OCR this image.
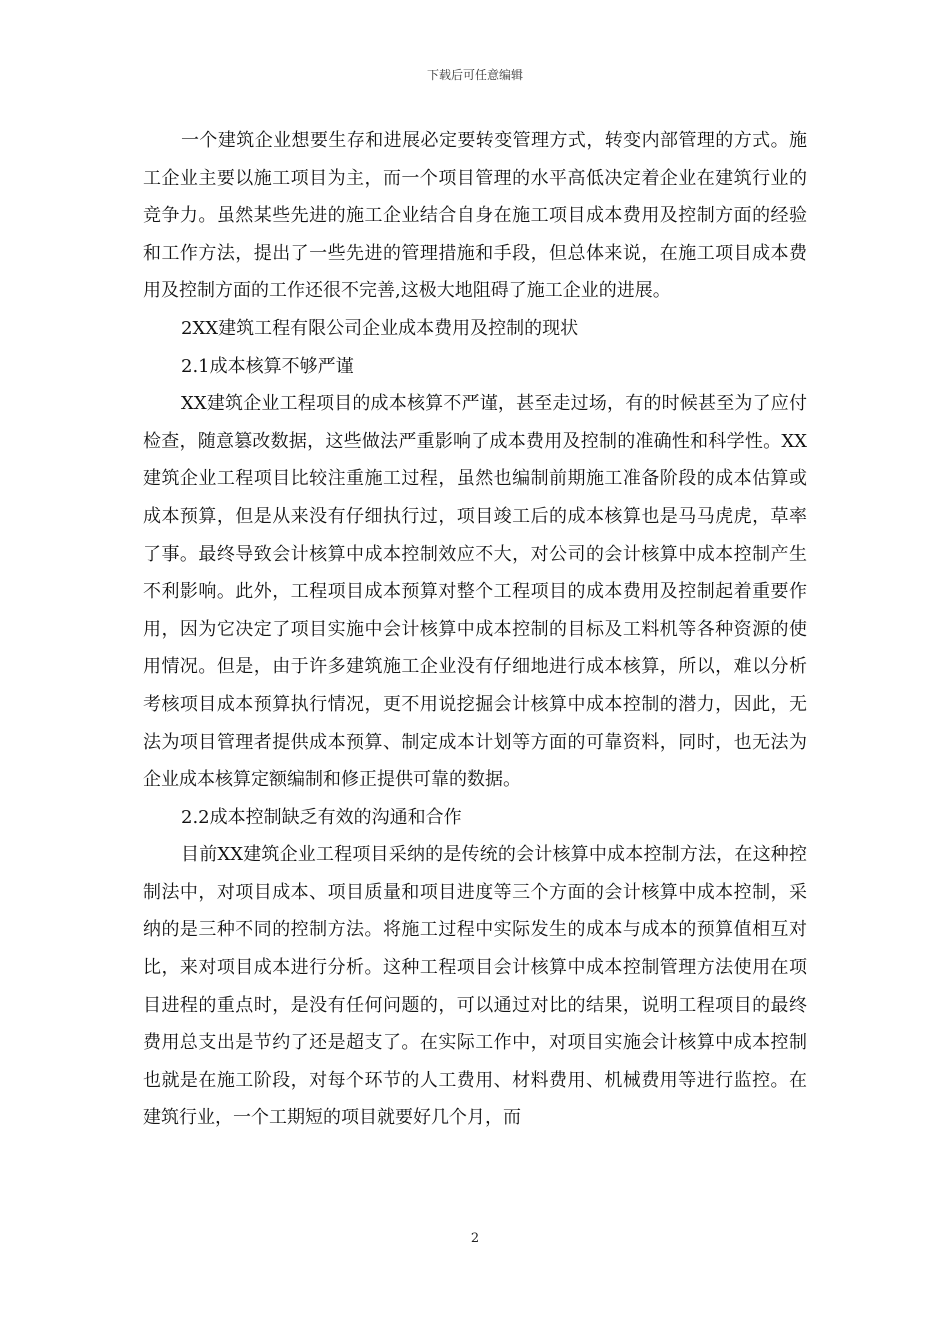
下载后可任意编辑

一个建筑企业想要生存和进展必定要转变管理方式，转变内部管理的方式。施工企业主要以施工项目为主，而一个项目管理的水平高低决定着企业在建筑行业的竞争力。虽然某些先进的施工企业结合自身在施工项目成本费用及控制方面的经验和工作方法，提出了一些先进的管理措施和手段，但总体来说，在施工项目成本费用及控制方面的工作还很不完善,这极大地阻碍了施工企业的进展。

2XX建筑工程有限公司企业成本费用及控制的现状

2.1成本核算不够严谨

XX建筑企业工程项目的成本核算不严谨，甚至走过场，有的时候甚至为了应付检查，随意篡改数据，这些做法严重影响了成本费用及控制的准确性和科学性。XX建筑企业工程项目比较注重施工过程，虽然也编制前期施工准备阶段的成本估算或成本预算，但是从来没有仔细执行过，项目竣工后的成本核算也是马马虎虎，草率了事。最终导致会计核算中成本控制效应不大，对公司的会计核算中成本控制产生不利影响。此外，工程项目成本预算对整个工程项目的成本费用及控制起着重要作用，因为它决定了项目实施中会计核算中成本控制的目标及工料机等各种资源的使用情况。但是，由于许多建筑施工企业没有仔细地进行成本核算，所以，难以分析考核项目成本预算执行情况，更不用说挖掘会计核算中成本控制的潜力，因此，无法为项目管理者提供成本预算、制定成本计划等方面的可靠资料，同时，也无法为企业成本核算定额编制和修正提供可靠的数据。

2.2成本控制缺乏有效的沟通和合作

目前XX建筑企业工程项目采纳的是传统的会计核算中成本控制方法，在这种控制法中，对项目成本、项目质量和项目进度等三个方面的会计核算中成本控制，采纳的是三种不同的控制方法。将施工过程中实际发生的成本与成本的预算值相互对比，来对项目成本进行分析。这种工程项目会计核算中成本控制管理方法使用在项目进程的重点时，是没有任何问题的，可以通过对比的结果，说明工程项目的最终费用总支出是节约了还是超支了。在实际工作中，对项目实施会计核算中成本控制也就是在施工阶段，对每个环节的人工费用、材料费用、机械费用等进行监控。在建筑行业，一个工期短的项目就要好几个月，而

2
